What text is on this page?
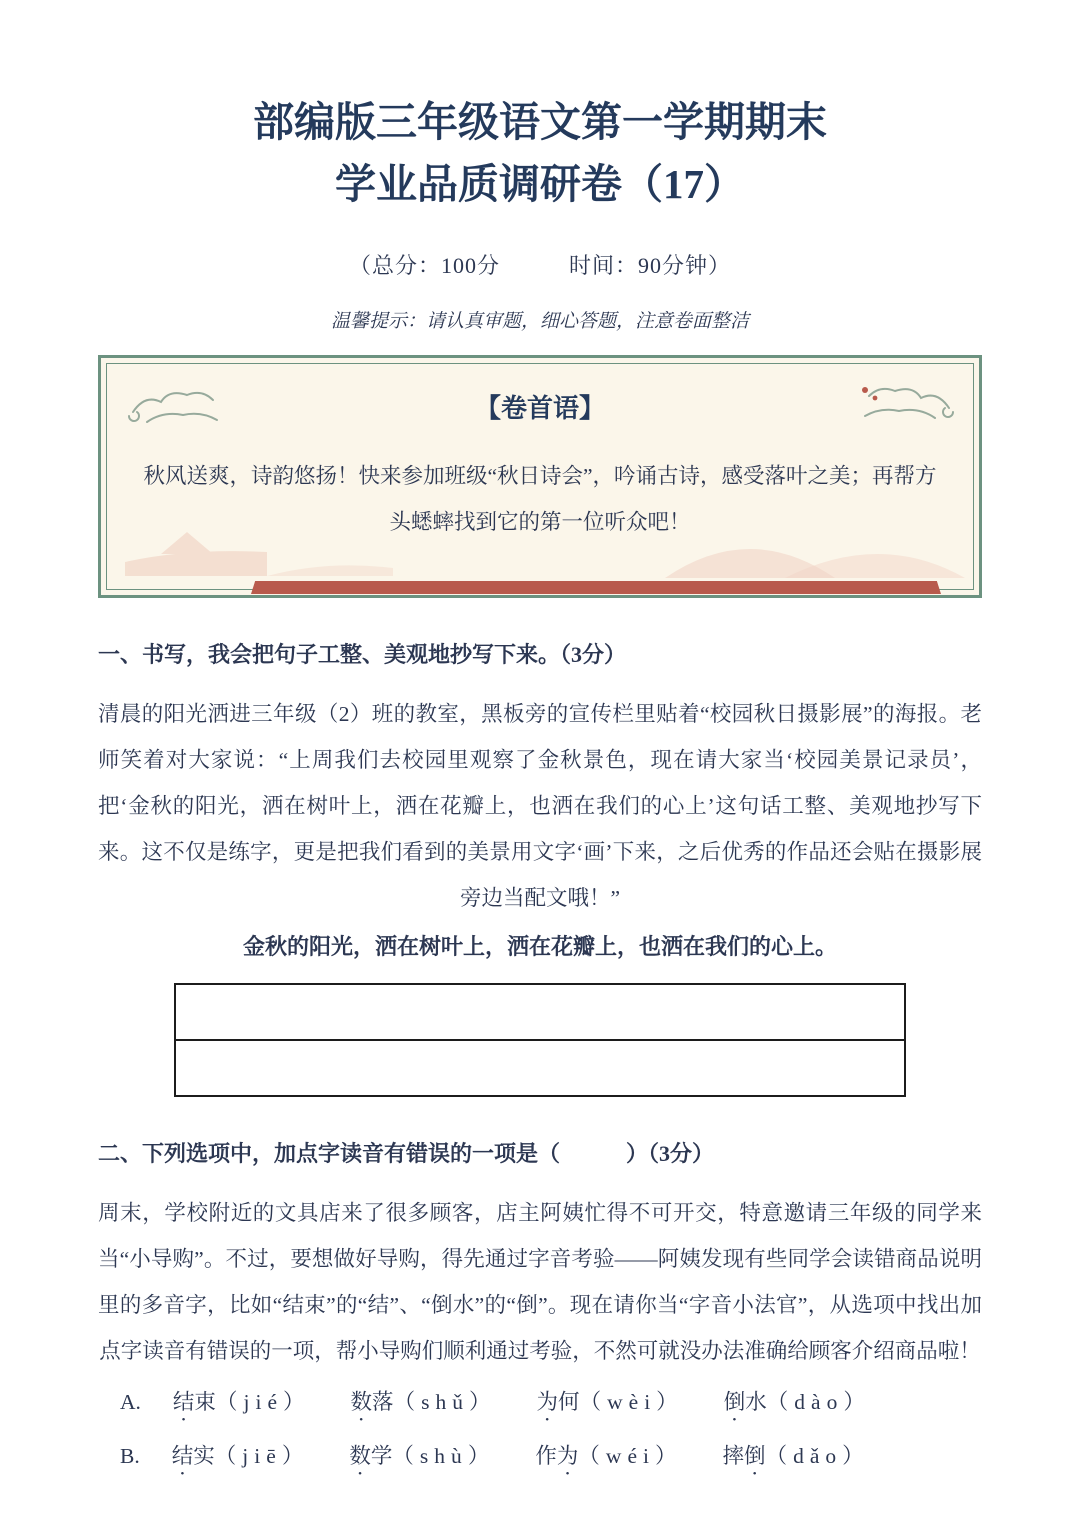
部编版三年级语文第一学期期末
学业品质调研卷（17）
（总分：100分　　　时间：90分钟）
温馨提示：请认真审题，细心答题，注意卷面整洁
【卷首语】
秋风送爽，诗韵悠扬！快来参加班级“秋日诗会”，吟诵古诗，感受落叶之美；再帮方头蟋蟀找到它的第一位听众吧！
一、书写，我会把句子工整、美观地抄写下来。（3分）
清晨的阳光洒进三年级（2）班的教室，黑板旁的宣传栏里贴着“校园秋日摄影展”的海报。老师笑着对大家说：“上周我们去校园里观察了金秋景色，现在请大家当‘校园美景记录员’，把‘金秋的阳光，洒在树叶上，洒在花瓣上，也洒在我们的心上’这句话工整、美观地抄写下来。这不仅是练字，更是把我们看到的美景用文字‘画’下来，之后优秀的作品还会贴在摄影展旁边当配文哦！”
金秋的阳光，洒在树叶上，洒在花瓣上，也洒在我们的心上。
二、下列选项中，加点字读音有错误的一项是（　　　）（3分）
周末，学校附近的文具店来了很多顾客，店主阿姨忙得不可开交，特意邀请三年级的同学来当“小导购”。不过，要想做好导购，得先通过字音考验——阿姨发现有些同学会读错商品说明里的多音字，比如“结束”的“结”、“倒水”的“倒”。现在请你当“字音小法官”，从选项中找出加点字读音有错误的一项，帮小导购们顺利通过考验，不然可就没办法准确给顾客介绍商品啦！
A. 结束（jié） 数落（shǔ） 为何（wèi） 倒水（dào）
B. 结实（jiē） 数学（shù） 作为（wéi） 摔倒（dǎo）
